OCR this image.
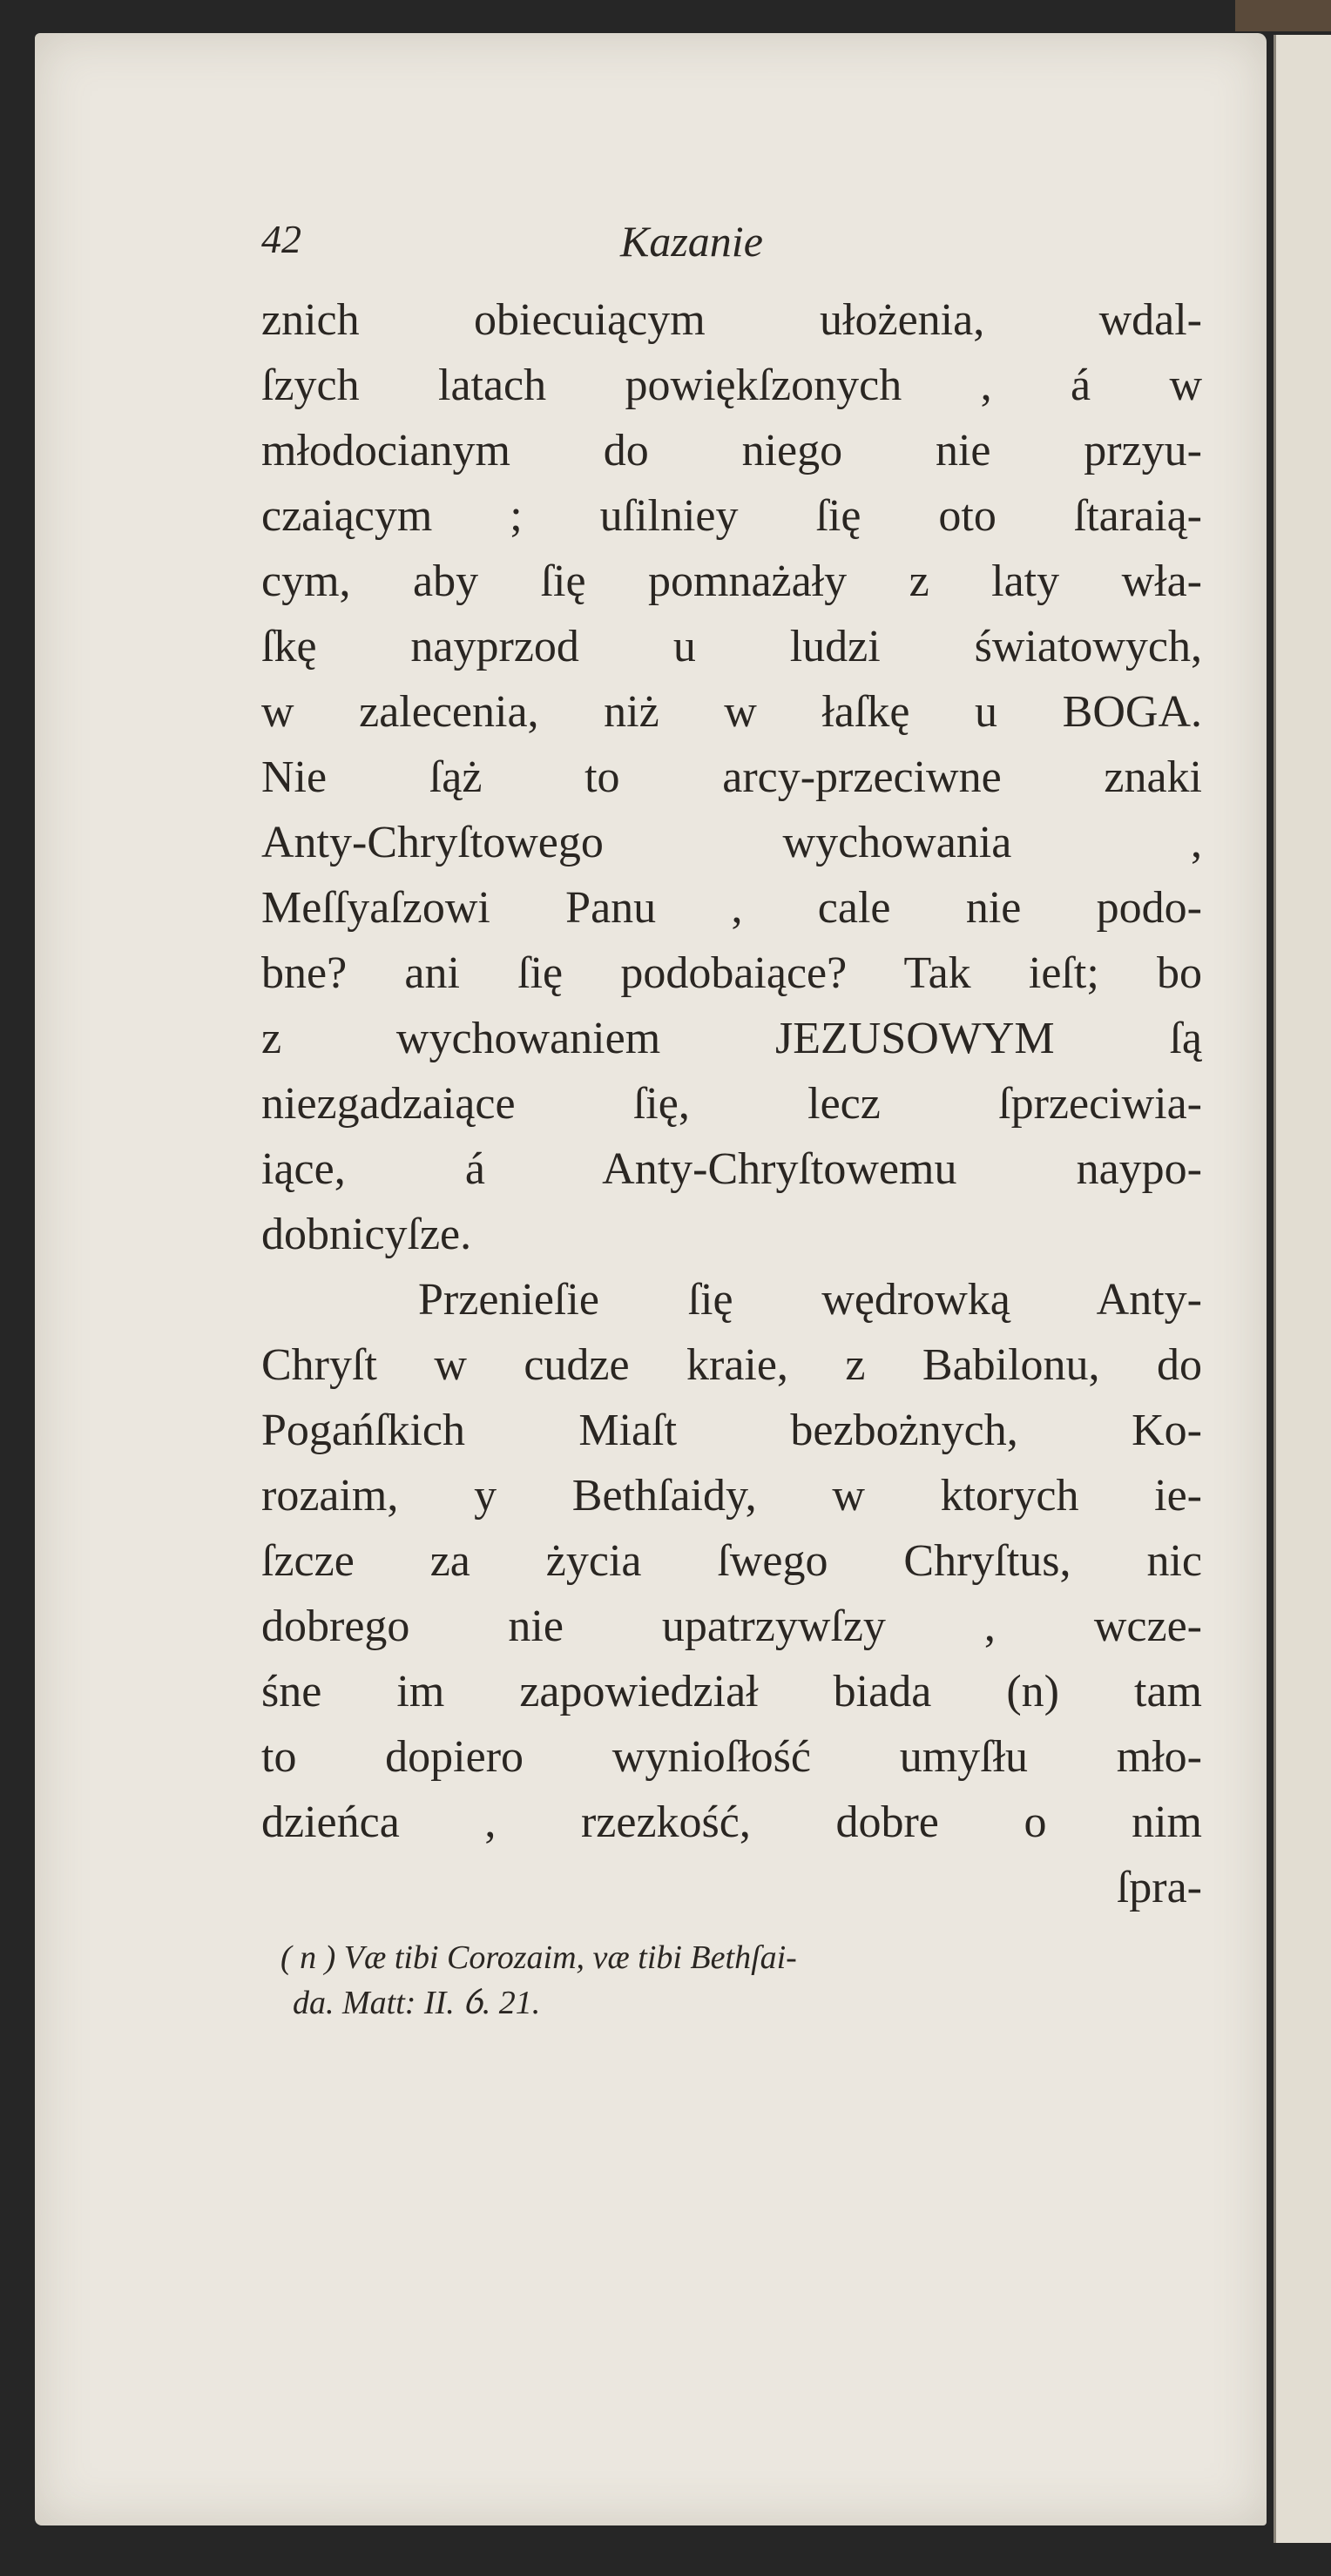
42	Kazanie
znich obiecuiącym ułożenia, wdal-
ſzych latach powiękſzonych , á w
młodocianym do niego nie przyu-
czaiącym ; uſilniey ſię oto ſtaraią-
cym, aby ſię pomnażały z laty wła-
ſkę nayprzod u ludzi światowych,
w zalecenia, niż w łaſkę u BOGA.
Nie ſąż to arcy-przeciwne znaki
Anty-Chryſtowego wychowania ,
Meſſyaſzowi Panu , cale nie podo-
bne? ani ſię podobaiące? Tak ieſt; bo
z wychowaniem JEZUSOWYM ſą
niezgadzaiące ſię, lecz ſprzeciwia-
iące, á Anty-Chryſtowemu naypo-
dobnicyſze.
Przenieſie ſię wędrowką Anty-
Chryſt w cudze kraie, z Babilonu, do
Pogańſkich Miaſt bezbożnych, Ko-
rozaim, y Bethſaidy, w ktorych ie-
ſzcze za życia ſwego Chryſtus, nic
dobrego nie upatrzywſzy , wcze-
śne im zapowiedział biada (n) tam
to dopiero wynioſłość umyſłu mło-
dzieńca , rzezkość, dobre o nim
ſpra-
( n ) Væ tibi Corozaim, væ tibi Bethſai-
da. Matt: II. ỽ. 21.
